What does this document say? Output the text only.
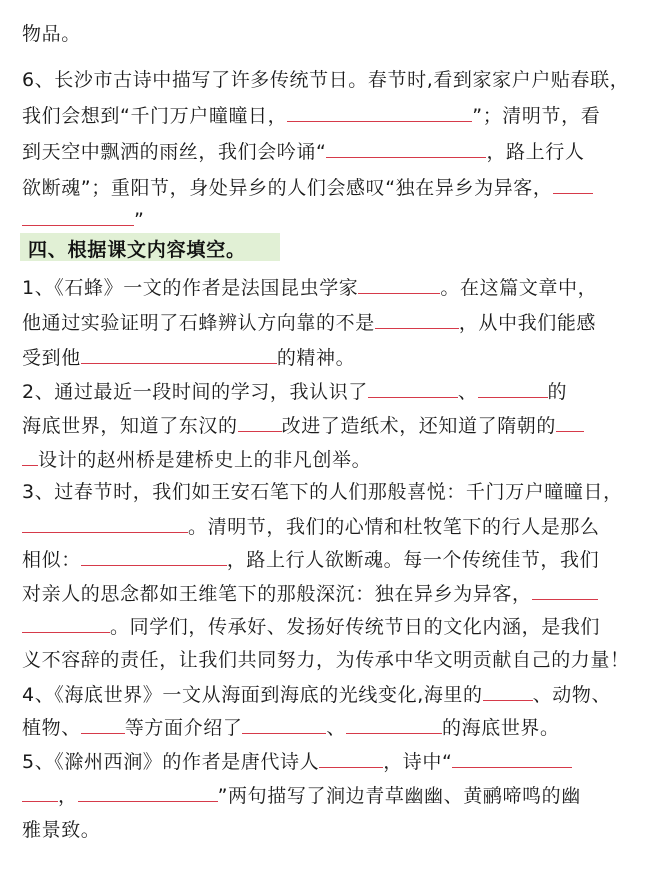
物品。
6、长沙市古诗中描写了许多传统节日。春节时,看到家家户户贴春联，
我们会想到“千门万户曈曈日，	”；清明节，看
到天空中飘洒的雨丝，我们会吟诵“	，路上行人
欲断魂”；重阳节，身处异乡的人们会感叹“独在异乡为异客，
”
四、根据课文内容填空。
1、《石蜂》一文的作者是法国昆虫学家	。在这篇文章中，
他通过实验证明了石蜂辨认方向靠的不是	，从中我们能感
受到他	的精神。
2、通过最近一段时间的学习，我认识了	、	的
海底世界，知道了东汉的 改进了造纸术，还知道了隋朝的
设计的赵州桥是建桥史上的非凡创举。
3、过春节时，我们如王安石笔下的人们那般喜悦：千门万户曈曈日，
。清明节，我们的心情和杜牧笔下的行人是那么
相似：	，路上行人欲断魂。每一个传统佳节，我们
对亲人的思念都如王维笔下的那般深沉：独在异乡为异客，
。同学们，传承好、发扬好传统节日的文化内涵，是我们
义不容辞的责任，让我们共同努力，为传承中华文明贡献自己的力量！
4、《海底世界》一文从海面到海底的光线变化,海里的	、动物、
植物、 等方面介绍了	、	的海底世界。
5、《滁州西涧》的作者是唐代诗人	，诗中“
，	”两句描写了涧边青草幽幽、黄鹂啼鸣的幽
雅景致。
